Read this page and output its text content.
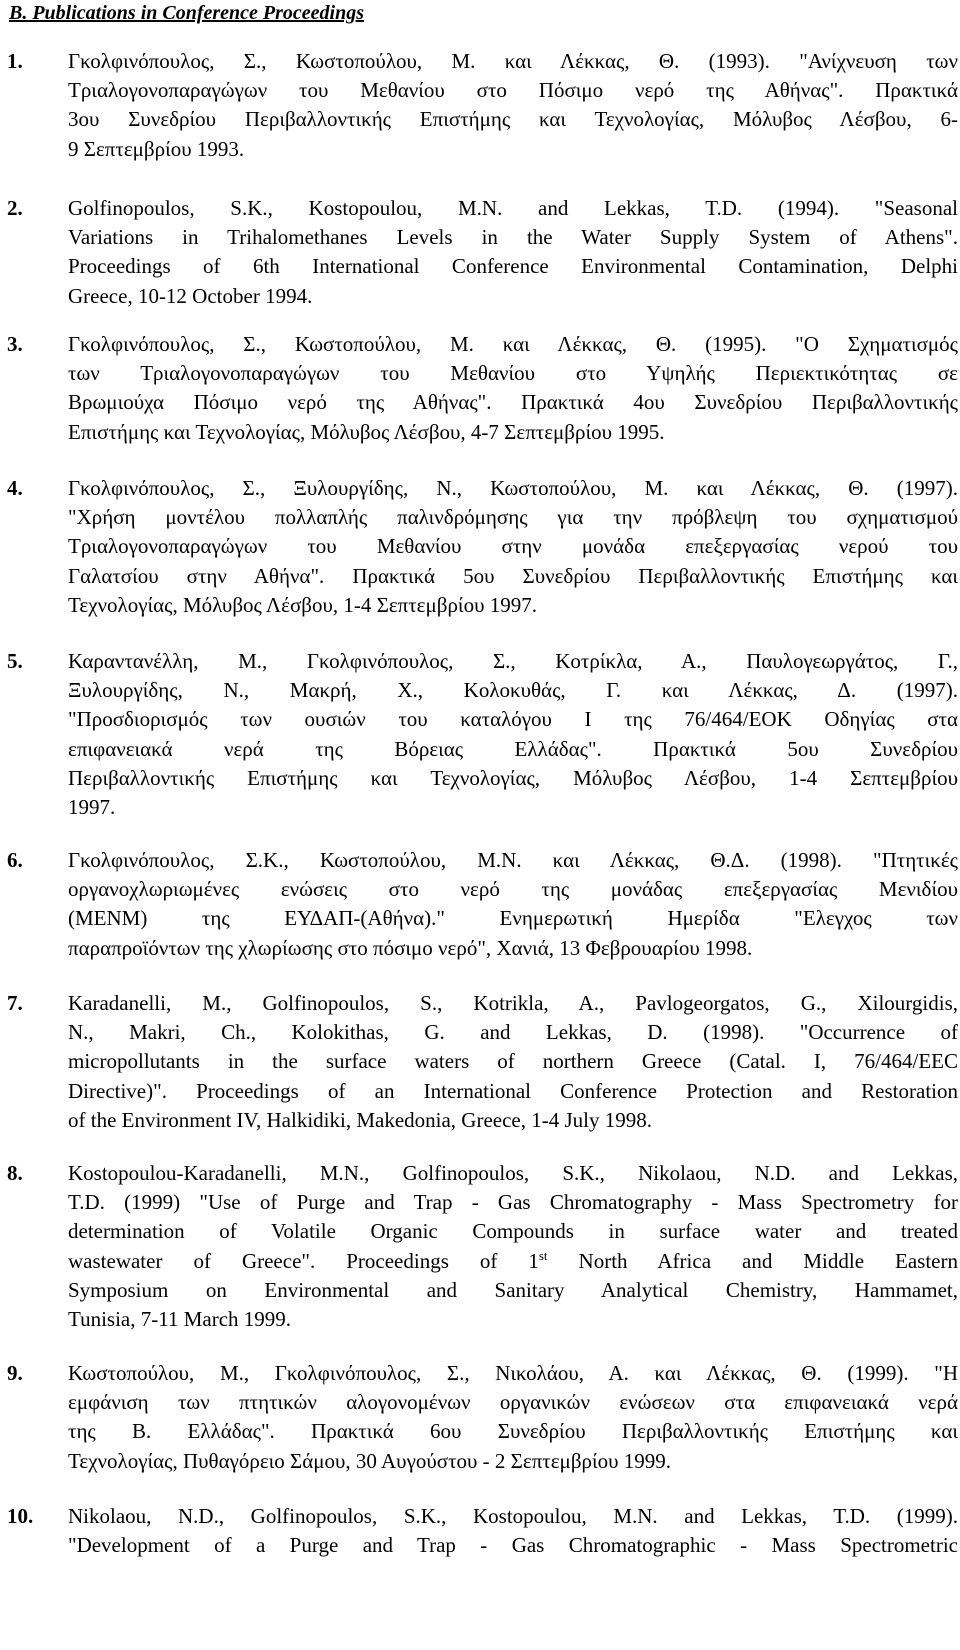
B. Publications in Conference Proceedings
1. Γκολφινόπουλος, Σ., Κωστοπούλου, Μ. και Λέκκας, Θ. (1993). "Ανίχνευση των
Τριαλογονοπαραγώγων του Μεθανίου στο Πόσιμο νερό της Αθήνας". Πρακτικά
3ου Συνεδρίου Περιβαλλοντικής Επιστήμης και Τεχνολογίας, Μόλυβος Λέσβου, 6-
9 Σεπτεμβρίου 1993.
2. Golfinopoulos, S.K., Kostopoulou, M.N. and Lekkas, T.D. (1994). "Seasonal
Variations in Trihalomethanes Levels in the Water Supply System of Athens".
Proceedings of 6th International Conference Environmental Contamination, Delphi
Greece, 10-12 October 1994.
3. Γκολφινόπουλος, Σ., Κωστοπούλου, Μ. και Λέκκας, Θ. (1995). "Ο Σχηματισμός
των Τριαλογονοπαραγώγων του Μεθανίου στο Υψηλής Περιεκτικότητας σε
Βρωμιούχα Πόσιμο νερό της Αθήνας". Πρακτικά 4ου Συνεδρίου Περιβαλλοντικής
Επιστήμης και Τεχνολογίας, Μόλυβος Λέσβου, 4-7 Σεπτεμβρίου 1995.
4. Γκολφινόπουλος, Σ., Ξυλουργίδης, Ν., Κωστοπούλου, Μ. και Λέκκας, Θ. (1997).
"Χρήση μοντέλου πολλαπλής παλινδρόμησης για την πρόβλεψη του σχηματισμού
Τριαλογονοπαραγώγων του Μεθανίου στην μονάδα επεξεργασίας νερού του
Γαλατσίου στην Αθήνα". Πρακτικά 5ου Συνεδρίου Περιβαλλοντικής Επιστήμης και
Τεχνολογίας, Μόλυβος Λέσβου, 1-4 Σεπτεμβρίου 1997.
5. Καραντανέλλη, Μ., Γκολφινόπουλος, Σ., Κοτρίκλα, Α., Παυλογεωργάτος, Γ.,
Ξυλουργίδης, Ν., Μακρή, Χ., Κολοκυθάς, Γ. και Λέκκας, Δ. (1997).
"Προσδιορισμός των ουσιών του καταλόγου Ι της 76/464/ΕΟΚ Οδηγίας στα
επιφανειακά νερά της Βόρειας Ελλάδας". Πρακτικά 5ου Συνεδρίου
Περιβαλλοντικής Επιστήμης και Τεχνολογίας, Μόλυβος Λέσβου, 1-4 Σεπτεμβρίου
1997.
6. Γκολφινόπουλος, Σ.Κ., Κωστοπούλου, Μ.Ν. και Λέκκας, Θ.Δ. (1998). "Πτητικές
οργανοχλωριωμένες ενώσεις στο νερό της μονάδας επεξεργασίας Μενιδίου
(ΜΕΝΜ) της ΕΥΔΑΠ-(Αθήνα)." Ενημερωτική Ημερίδα "Ελεγχος των
παραπροϊόντων της χλωρίωσης στο πόσιμο νερό", Χανιά, 13 Φεβρουαρίου 1998.
7. Karadanelli, M., Golfinopoulos, S., Kotrikla, A., Pavlogeorgatos, G., Xilourgidis,
N., Makri, Ch., Kolokithas, G. and Lekkas, D. (1998). "Occurrence of
micropollutants in the surface waters of northern Greece (Catal. I, 76/464/EEC
Directive)". Proceedings of an International Conference Protection and Restoration
of the Environment IV, Halkidiki, Makedonia, Greece, 1-4 July 1998.
8. Kostopoulou-Karadanelli, M.N., Golfinopoulos, S.K., Nikolaou, N.D. and Lekkas,
T.D. (1999) "Use of Purge and Trap - Gas Chromatography - Mass Spectrometry for
determination of Volatile Organic Compounds in surface water and treated
wastewater of Greece". Proceedings of 1st North Africa and Middle Eastern
Symposium on Environmental and Sanitary Analytical Chemistry, Hammamet,
Tunisia, 7-11 March 1999.
9. Κωστοπούλου, Μ., Γκολφινόπουλος, Σ., Νικολάου, Α. και Λέκκας, Θ. (1999). "Η
εμφάνιση των πτητικών αλογονομένων οργανικών ενώσεων στα επιφανειακά νερά
της Β. Ελλάδας". Πρακτικά 6ου Συνεδρίου Περιβαλλοντικής Επιστήμης και
Τεχνολογίας, Πυθαγόρειο Σάμου, 30 Αυγούστου - 2 Σεπτεμβρίου 1999.
10. Nikolaou, N.D., Golfinopoulos, S.K., Kostopoulou, M.N. and Lekkas, T.D. (1999).
"Development of a Purge and Trap - Gas Chromatographic - Mass Spectrometric
